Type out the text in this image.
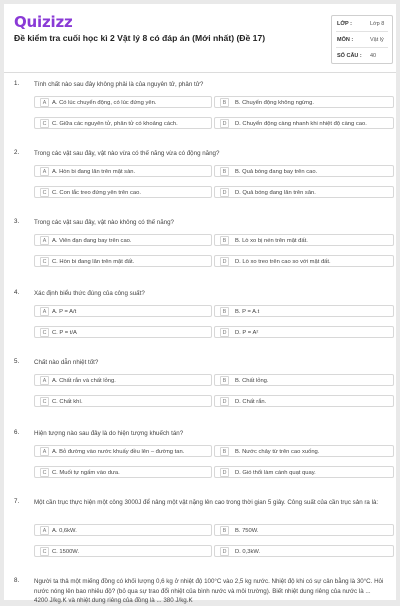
Quizizz
Đề kiểm tra cuối học kì 2 Vật lý 8 có đáp án (Mới nhất) (Đề 17)
LỚP :	Lớp 8
MÔN :	Vật lý
SỐ CÂU : 40
1. Tính chất nào sau đây không phải là của nguyên tử, phân tử?
A A. Có lúc chuyển động, có lúc đứng yên.	B	B. Chuyển động không ngừng.
C C. Giữa các nguyên tử, phân tử có khoảng cách.	D	D. Chuyển động càng nhanh khi nhiệt độ càng cao.
2. Trong các vật sau đây, vật nào vừa có thế năng vừa có động năng?
A A. Hòn bi đang lăn trên mặt sàn.	B	B. Quả bóng đang bay trên cao.
C C. Con lắc treo đứng yên trên cao.	D	D. Quả bóng đang lăn trên sân.
3. Trong các vật sau đây, vật nào không có thế năng?
A A. Viên đạn đang bay trên cao.	B	B. Lò xo bị nén trên mặt đất.
C C. Hòn bi đang lăn trên mặt đất.	D	D. Lò xo treo trên cao so với mặt đất.
4. Xác định biểu thức đúng của công suất?
A A. P = A/t	B	B. P = A.t
C C. P = t/A	D	D. P = A²
5. Chất nào dẫn nhiệt tốt?
A A. Chất rắn và chất lỏng.	B	B. Chất lỏng.
C C. Chất khí.	D	D. Chất rắn.
6. Hiện tượng nào sau đây là do hiện tượng khuếch tán?
A A. Bỏ đường vào nước khuấy đều lên – đường tan.	B	B. Nước chảy từ trên cao xuống.
C C. Muối tự ngấm vào dưa.	D	D. Gió thổi làm cánh quạt quay.
7. Một cần trục thực hiện một công 3000J để nâng một vật nặng lên cao trong thời gian 5 giây. Công suất của cần trục sản ra là:
A A. 0,6kW.	B	B. 750W.
C C. 1500W.	D	D. 0,3kW.
8. Người ta thả một miếng đồng có khối lượng 0,6 kg ở nhiệt độ 100°C vào 2,5 kg nước. Nhiệt độ khi có sự cân bằng là 30°C. Hỏi nước nóng lên bao nhiêu độ? (bỏ qua sự trao đổi nhiệt của bình nước và môi trường). Biết nhiệt dung riêng của nước là ... 4200 J/kg.K và nhiệt dung riêng của đồng là ... 380 J/kg.K
